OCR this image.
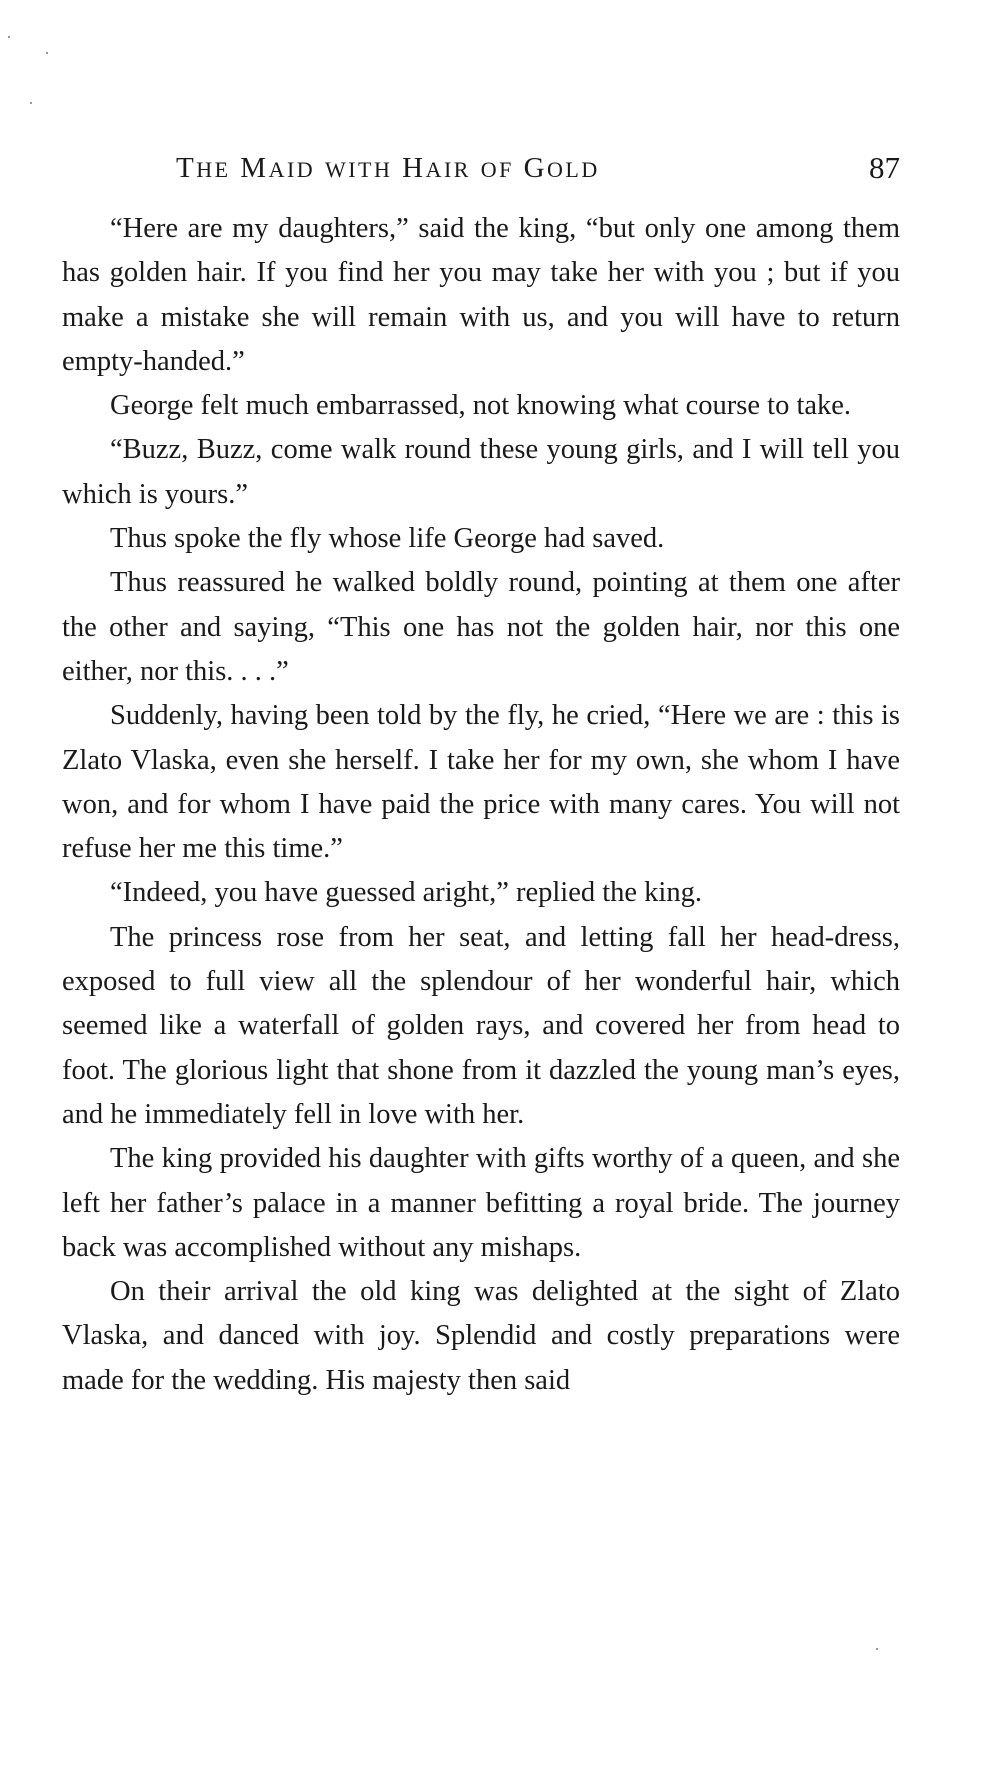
THE MAID WITH HAIR OF GOLD	87

“Here are my daughters,” said the king, “but only one among them has golden hair. If you find her you may take her with you ; but if you make a mistake she will remain with us, and you will have to return empty-handed.”

George felt much embarrassed, not knowing what course to take.

“Buzz, Buzz, come walk round these young girls, and I will tell you which is yours.”

Thus spoke the fly whose life George had saved.

Thus reassured he walked boldly round, pointing at them one after the other and saying, “This one has not the golden hair, nor this one either, nor this. . . .”

Suddenly, having been told by the fly, he cried, “Here we are : this is Zlato Vlaska, even she herself. I take her for my own, she whom I have won, and for whom I have paid the price with many cares. You will not refuse her me this time.”

“Indeed, you have guessed aright,” replied the king.

The princess rose from her seat, and letting fall her head-dress, exposed to full view all the splendour of her wonderful hair, which seemed like a waterfall of golden rays, and covered her from head to foot. The glorious light that shone from it dazzled the young man’s eyes, and he immediately fell in love with her.

The king provided his daughter with gifts worthy of a queen, and she left her father’s palace in a manner befitting a royal bride. The journey back was accomplished without any mishaps.

On their arrival the old king was delighted at the sight of Zlato Vlaska, and danced with joy. Splendid and costly preparations were made for the wedding. His majesty then said
